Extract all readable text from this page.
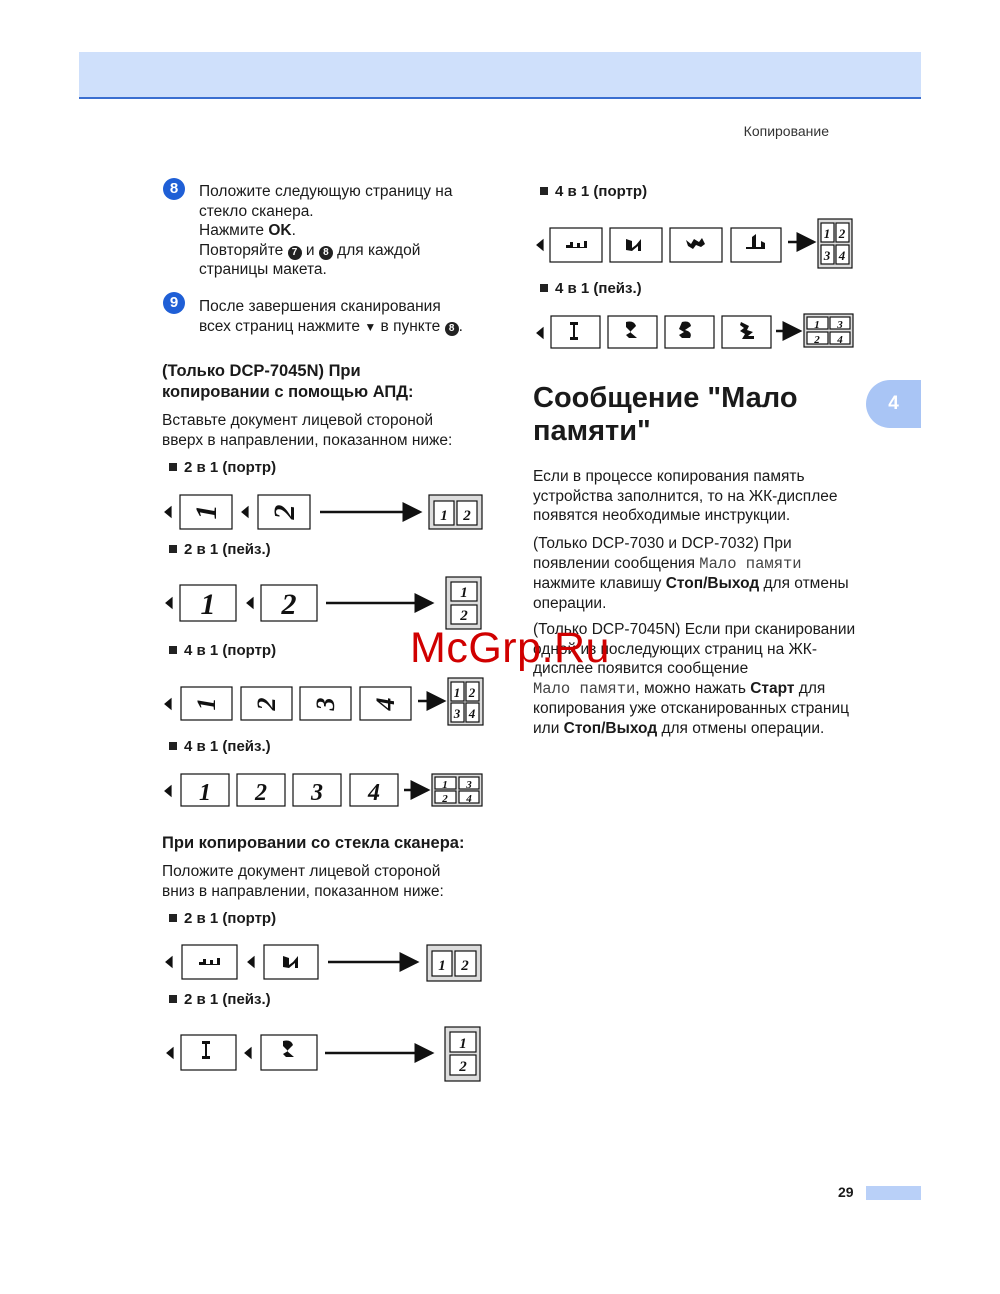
Копирование
8	Положите следующую страницу на
стекло сканера.
Нажмите OK.
Повторяйте 7 и 8 для каждой
страницы макета.
9	После завершения сканирования
всех страниц нажмите ▼ в пункте 8 .
(Только DCP-7045N) При
копировании с помощью АПД:
Вставьте документ лицевой стороной
вверх в направлении, показанном ниже:
2 в 1 (портр)
2 в 1 (пейз.)
4 в 1 (портр)
4 в 1 (пейз.)
При копировании со стекла сканера:
Положите документ лицевой стороной
вниз в направлении, показанном ниже:
2 в 1 (портр)
2 в 1 (пейз.)
4 в 1 (портр)
4 в 1 (пейз.)
Сообщение "Мало
памяти"
Если в процессе копирования память
устройства заполнится, то на ЖК-дисплее
появятся необходимые инструкции.
(Только DCP-7030 и DCP-7032) При
появлении сообщения Мало памяти
нажмите клавишу Стоп/Выход для отмены
операции.
(Только DCP-7045N) Если при сканировании
одной из последующих страниц на ЖК-
дисплее появится сообщение
Мало памяти, можно нажать Старт для
копирования уже отсканированных страниц
или Стоп/Выход для отмены операции.
1 2	1 2
1 2	1
2
1 2 3 4
1 2
3 4
1 2 3 4	1 3
2 4
1 2
1
2
1 2
3 4
1 3
2 4
4
29
McGrp.Ru
